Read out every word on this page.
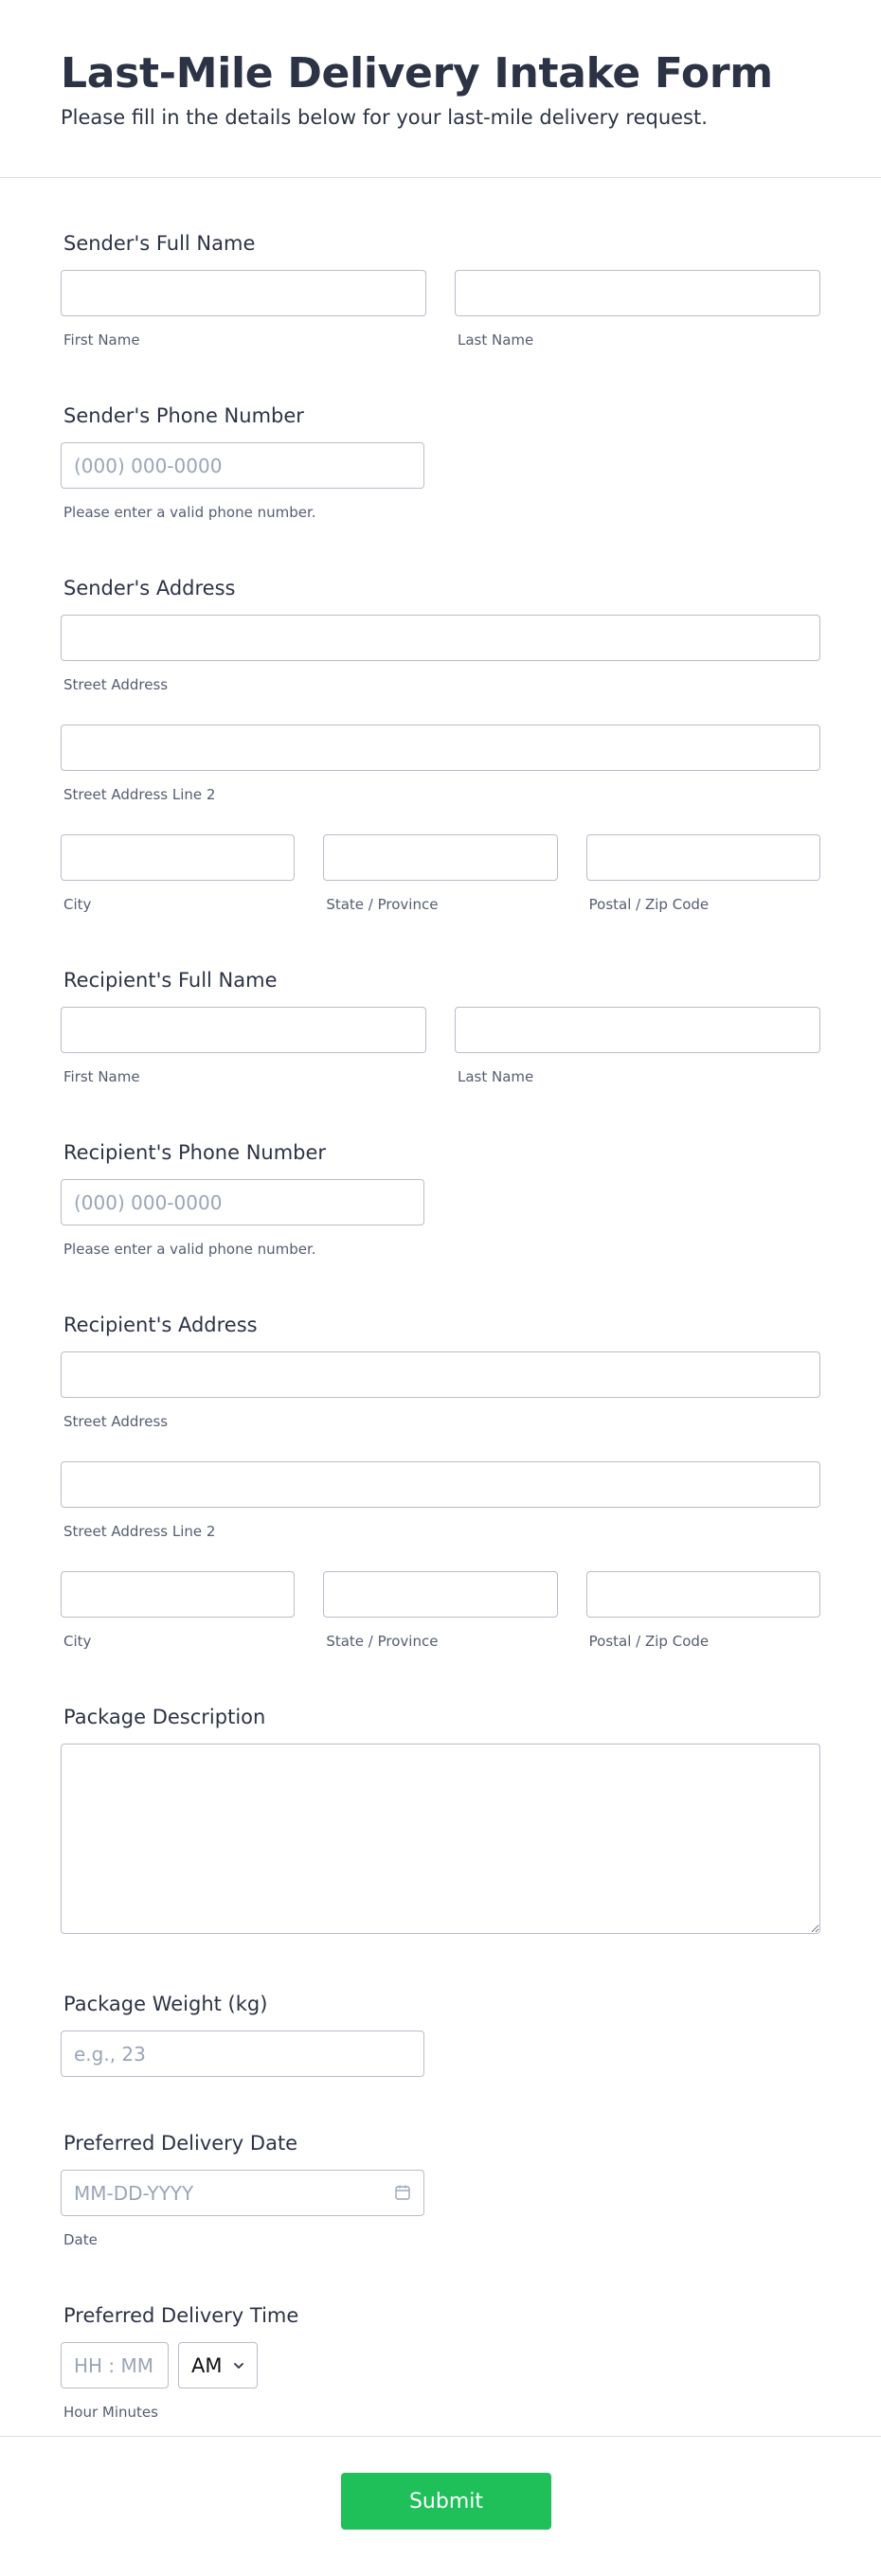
Last-Mile Delivery Intake Form
Please fill in the details below for your last-mile delivery request.
Sender's Full Name
First Name	Last Name
Sender's Phone Number
(000) 000-0000
Please enter a valid phone number.
Sender's Address
Street Address
Street Address Line 2
City	State / Province	Postal / Zip Code
Recipient's Full Name
First Name	Last Name
Recipient's Phone Number
(000) 000-0000
Please enter a valid phone number.
Recipient's Address
Street Address
Street Address Line 2
City	State / Province	Postal / Zip Code
Package Description
Package Weight (kg)
e.g., 23
Preferred Delivery Date
MM-DD-YYYY
Date
Preferred Delivery Time
HH : MM
AM
Hour Minutes
Submit
